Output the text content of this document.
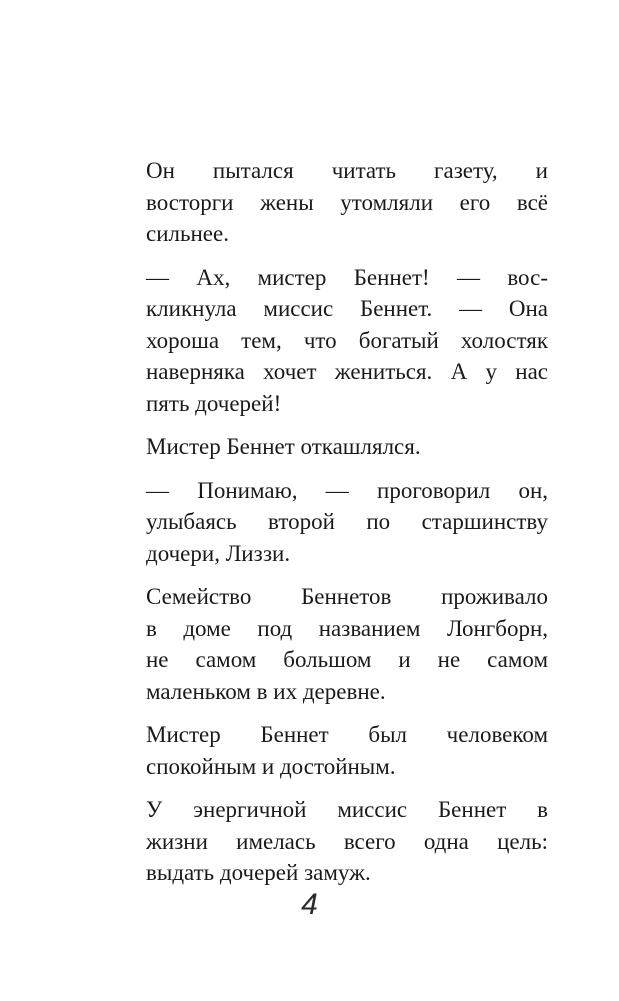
Он пытался читать газету, и
восторги жены утомляли его всё
сильнее.

— Ах, мистер Беннет! — вос-
кликнула миссис Беннет. — Она
хороша тем, что богатый холостяк
наверняка хочет жениться. А у нас
пять дочерей!

Мистер Беннет откашлялся.

— Понимаю, — проговорил он,
улыбаясь второй по старшинству
дочери, Лиззи.

Семейство Беннетов проживало
в доме под названием Лонгборн,
не самом большом и не самом
маленьком в их деревне.

Мистер Беннет был человеком
спокойным и достойным.

У энергичной миссис Беннет в
жизни имелась всего одна цель:
выдать дочерей замуж.

4
